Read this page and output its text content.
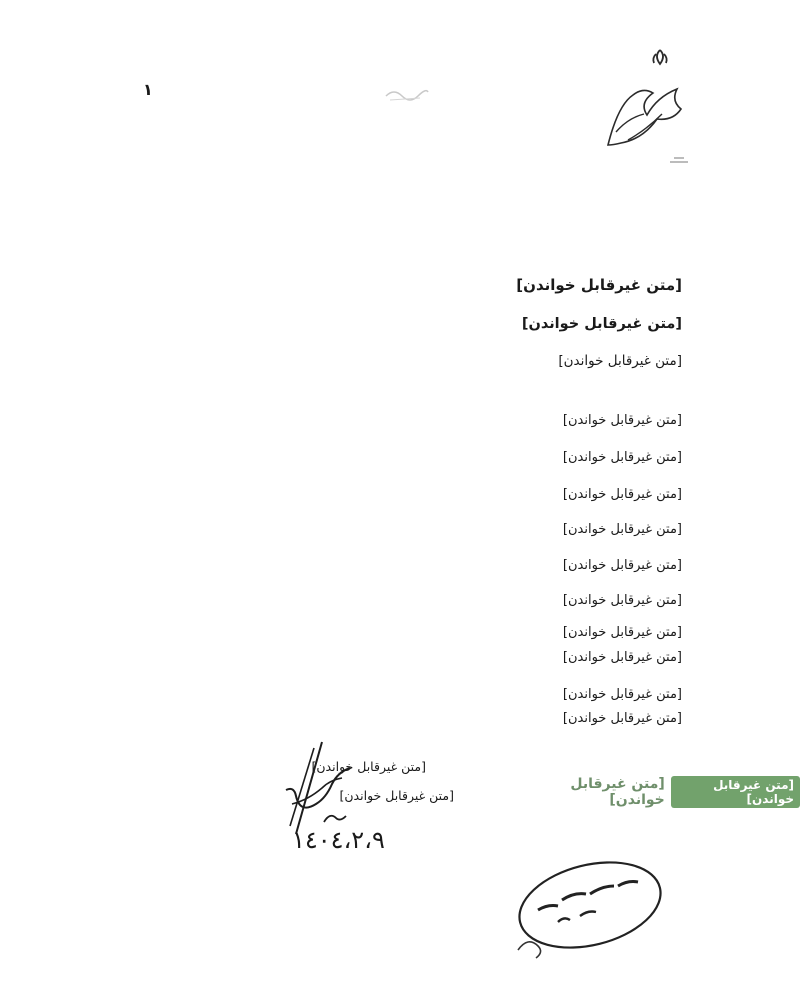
١
[متن غیرقابل خواندن]
[متن غیرقابل خواندن]
[متن غیرقابل خواندن]
[متن غیرقابل خواندن]
[متن غیرقابل خواندن]
[متن غیرقابل خواندن]
[متن غیرقابل خواندن]
[متن غیرقابل خواندن]
[متن غیرقابل خواندن]
[متن غیرقابل خواندن]
[متن غیرقابل خواندن]
[متن غیرقابل خواندن]
[متن غیرقابل خواندن]
[متن غیرقابل خواندن]
[متن غیرقابل خواندن]
١٤٠٤،٢،٩
[متن غیرقابل خواندن]
[متن غیرقابل خواندن]
